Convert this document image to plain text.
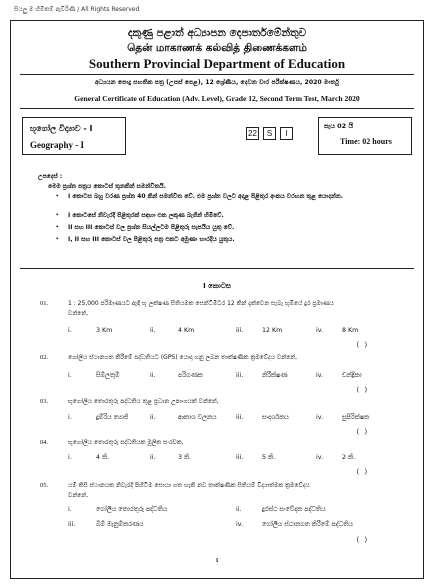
සියලු ම හිමිකම් ඇවිරිණි / All Rights Reserved
දකුණු පළාත් අධ්‍යාපන දෙපාර්තමේන්තුව
தென் மாகாணக் கல்வித் திணைக்களம்
Southern Provincial Department of Education
අධ්‍යයන පොදු සහතික පත්‍ර (උසස් පෙළ), 12 ශ්‍රේණිය, දෙවන වාර පරීක්ෂණය, 2020 මාර්තු
General Certificate of Education (Adv. Level), Grade 12, Second Term Test, March 2020
භූගෝල විද්‍යාව - I
Geography - I
22	S	I
පැය 02 යි
Time: 02 hours
උපදෙස් :
මෙම ප්‍රශ්න පත්‍රය කොටස් තුනකින් සමන්විතයි.
• I කොටස බහු වරණ ප්‍රශ්න 40 කින් සමන්විත වේ. එම ප්‍රශ්න වලට අදාළ පිළිතුර අංකය වරහන තුළ යොදන්න.
• I කොටසේ නිවැරදි පිළිතුරක් සඳහා එක ලකුණ බැගින් හිමිවේ.
• II සහ III කොටස් වල ප්‍රශ්න සියල්ලටම පිළිතුරු සැපයිය යුතු වේ.
• I, II සහ III කොටස් වල පිළිතුරු පත්‍ර එකට අමුණා භාරදිය යුතුය.
I කොටස
01.	1 : 25,000 පරිමාණයට ඇඳි භූ ලක්ෂණ සිතියමක සෙන්ටිමීටර 12 කින් දැක්වෙන සැබෑ භූමියේ දුර ප්‍රමාණය
වන්නේ,
i.	3 Km	ii.	4 Km	iii.	12 Km	iv.	8 Km
( )
02.	ගෝලීය ස්ථානගත කිරීමේ පද්ධතියට (GPS) යොදා ගනු ලබන තාක්ෂණික ක්‍රමවේදය වන්නේ,
i.	සිම්ලතුම්	ii.	පරිගණක	iii.	නිරීක්ෂණ	iv.	චන්ද්‍රිකා
( )
03.	භූගෝලීය තොරතුරු පද්ධතිය තුළ ප්‍රධාන උපාංගයක් වන්නේ,
i.	දුම්රිය ත්‍යාජි	ii.	ආකාශ වලනය	iii.	සංදර්ශකය	iv.	සුපිරික්ෂක
( )
04.	භූගෝලීය තොරතුරු පද්ධතියක මූලික සංරචක,
i.	4 කි.	ii.	3 කි.	iii.	5 කි.	iv.	2 කි.
( )
05.	යම් කිසි ස්ථානයක නිවැරදි පිහිටීම සොයා ගත හැකි නව තාක්ෂණික සිතියම් විද්‍යාත්මක ක්‍රමවේදය
වන්නේ,
i.	ගෝලීය තොරතුරු පද්ධතිය	ii.	දුරස්ථ සංවේදක පද්ධතිය
iii.	බිම් මැනුම්කරණය	iv.	ගෝලීය ස්ථානගත කිරීමේ පද්ධතිය
( )
1
